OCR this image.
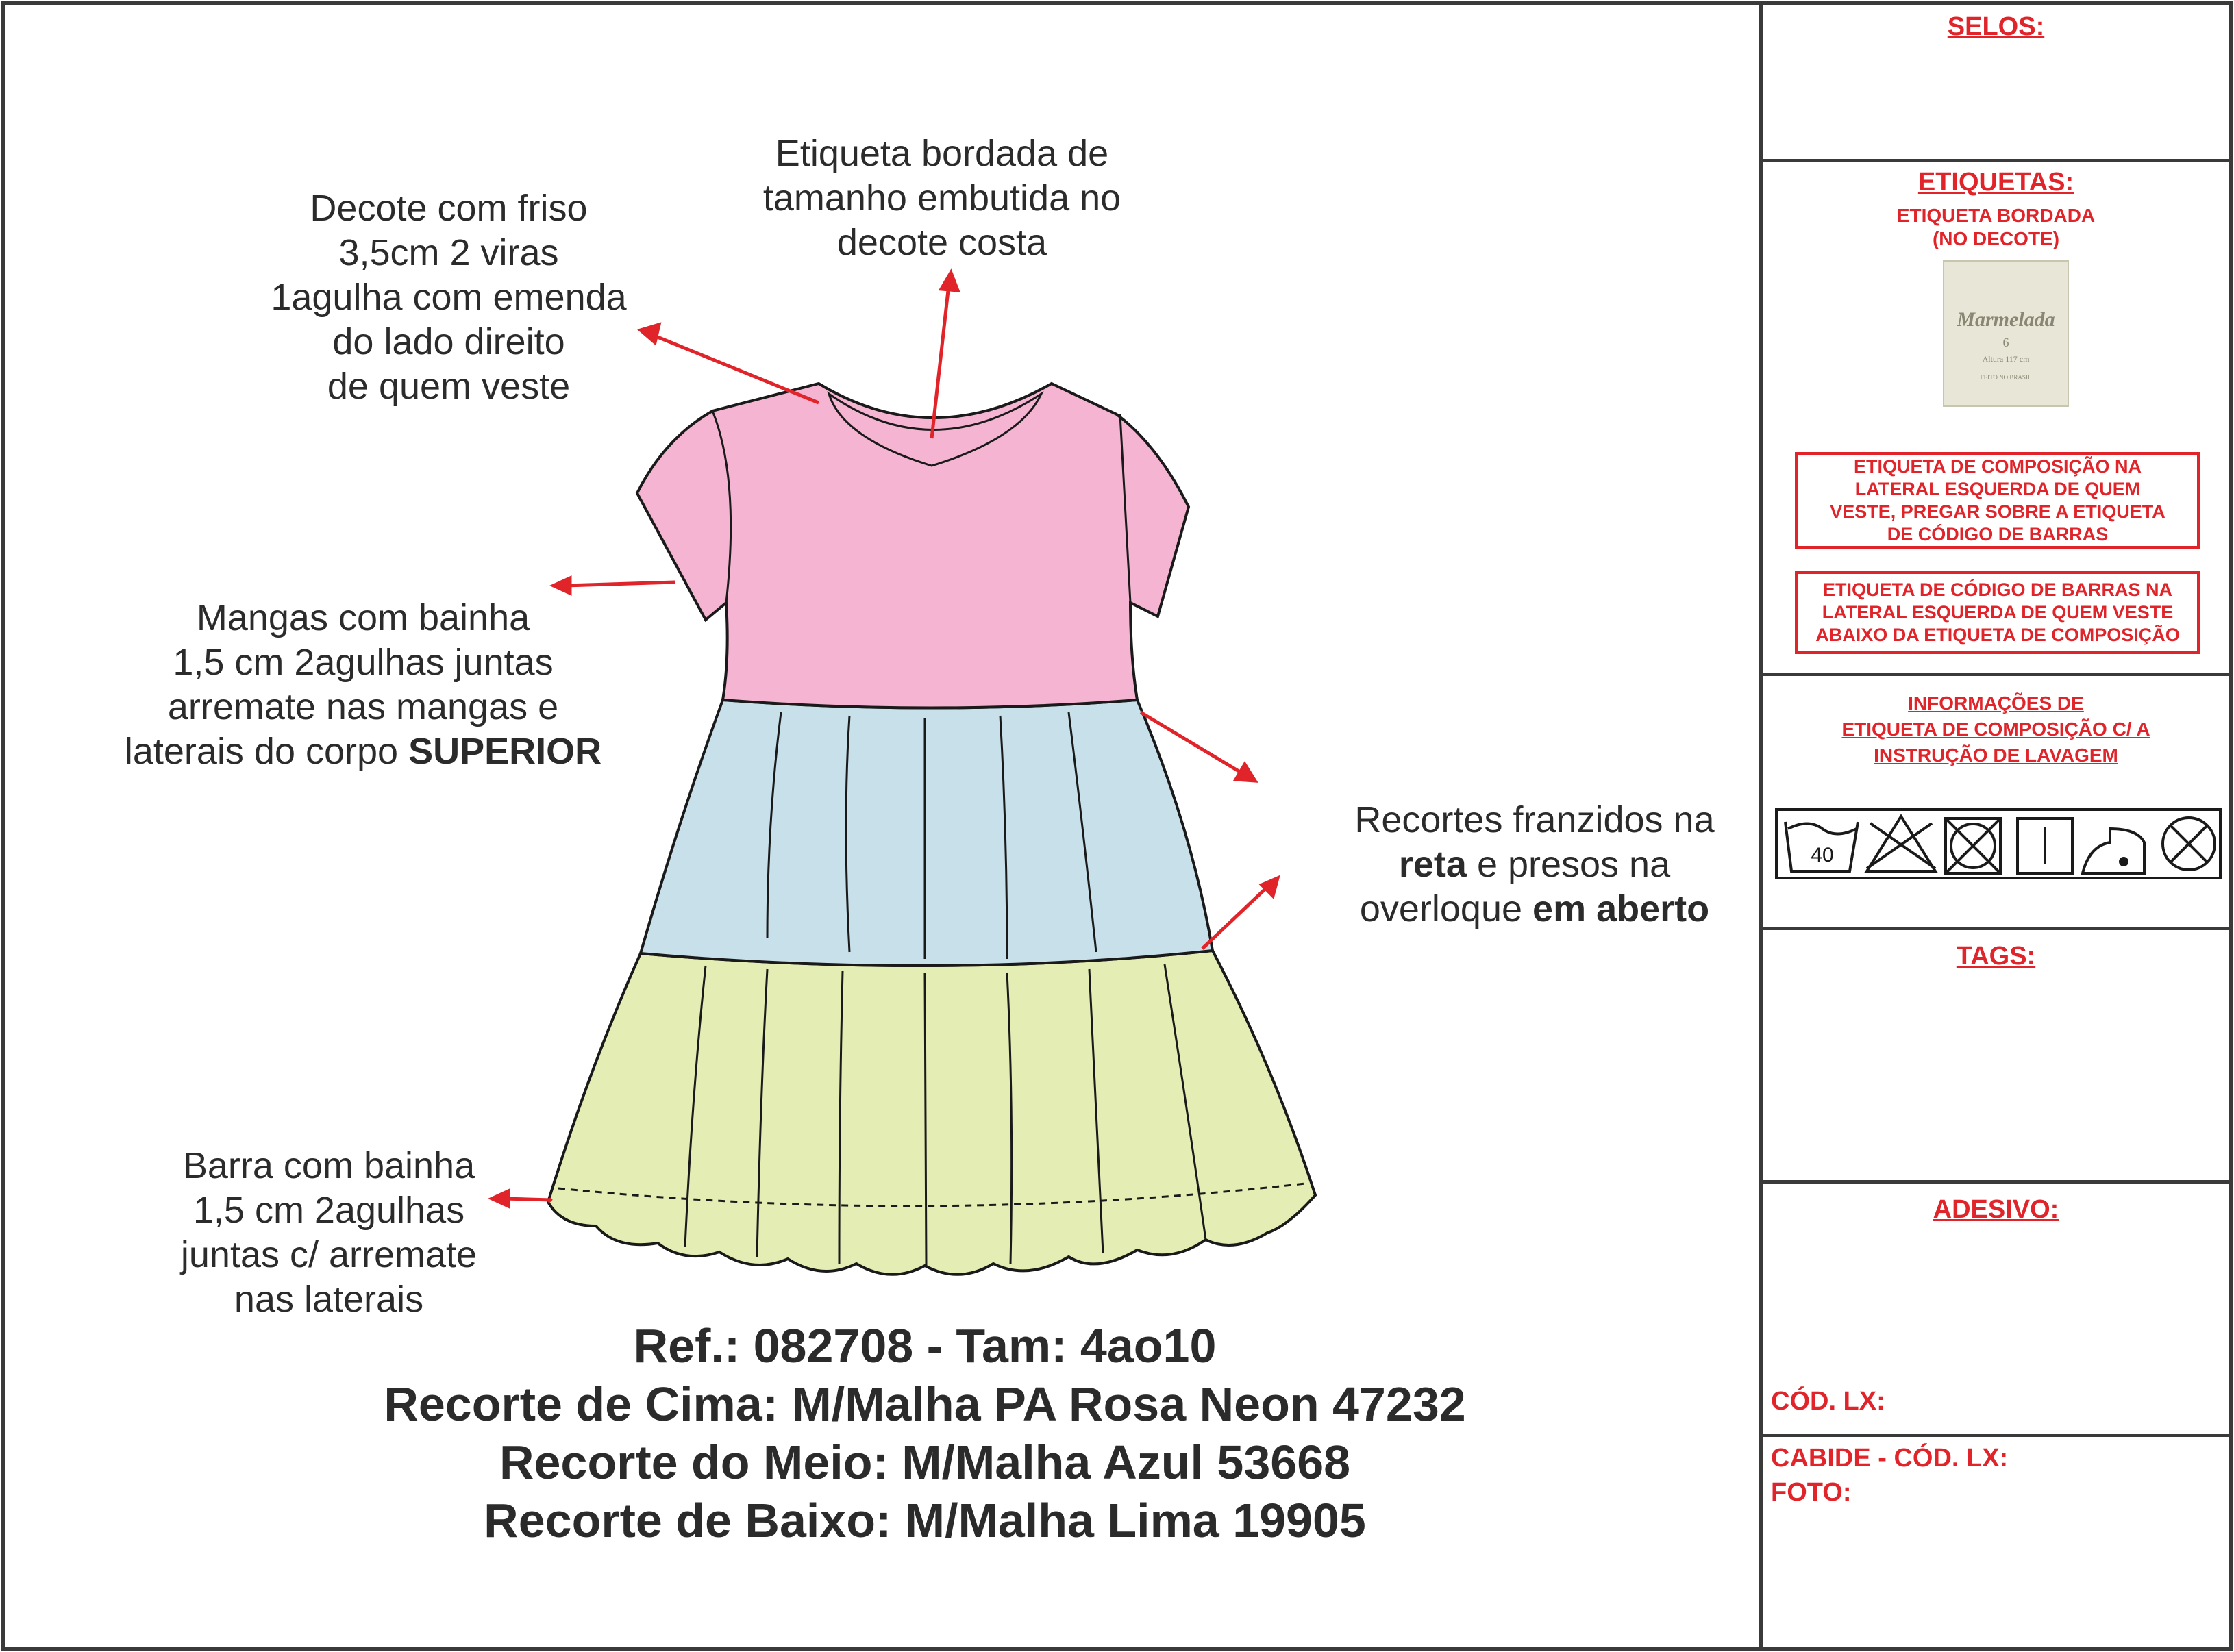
40
Decote com friso
3,5cm 2 viras
1agulha com emenda
do lado direito
de quem veste
Etiqueta bordada de
tamanho embutida no
decote costa

Mangas com bainha
1,5 cm 2agulhas juntas
arremate nas mangas e
laterais do corpo SUPERIOR

Recortes franzidos na
reta e presos na
overloque em aberto

Barra com bainha
1,5 cm 2agulhas
juntas c/ arremate
nas laterais
Ref.: 082708 - Tam: 4ao10
Recorte de Cima: M/Malha PA Rosa Neon 47232
Recorte do Meio: M/Malha Azul 53668
Recorte de Baixo: M/Malha Lima 19905
SELOS:
ETIQUETAS:
ETIQUETA BORDADA
(NO DECOTE)
Marmelada
6
Altura 117 cm
FEITO NO BRASIL
ETIQUETA DE COMPOSIÇÃO NA
LATERAL ESQUERDA DE QUEM
VESTE, PREGAR SOBRE A ETIQUETA
DE CÓDIGO DE BARRAS
ETIQUETA DE CÓDIGO DE BARRAS NA
LATERAL ESQUERDA DE QUEM VESTE
ABAIXO DA ETIQUETA DE COMPOSIÇÃO
INFORMAÇÕES DE
ETIQUETA DE COMPOSIÇÃO C/ A
INSTRUÇÃO DE LAVAGEM
TAGS:
ADESIVO:
CÓD. LX:
CABIDE - CÓD. LX:
FOTO:
